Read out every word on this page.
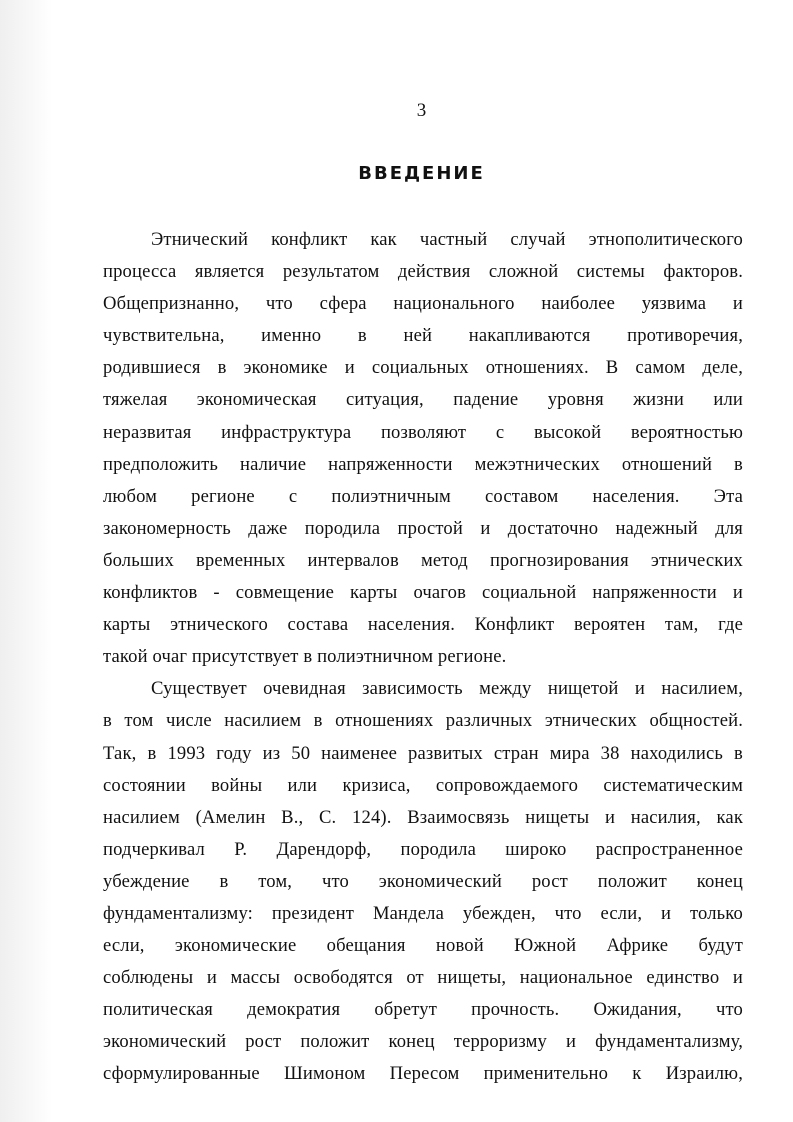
3
ВВЕДЕНИЕ

Этнический конфликт как частный случай этнополитического
процесса является результатом действия сложной системы факторов.
Общепризнанно, что сфера национального наиболее уязвима и
чувствительна, именно в ней накапливаются противоречия,
родившиеся в экономике и социальных отношениях. В самом деле,
тяжелая экономическая ситуация, падение уровня жизни или
неразвитая инфраструктура позволяют с высокой вероятностью
предположить наличие напряженности межэтнических отношений в
любом регионе с полиэтничным составом населения. Эта
закономерность даже породила простой и достаточно надежный для
больших временных интервалов метод прогнозирования этнических
конфликтов - совмещение карты очагов социальной напряженности и
карты этнического состава населения. Конфликт вероятен там, где
такой очаг присутствует в полиэтничном регионе.

Существует очевидная зависимость между нищетой и насилием,
в том числе насилием в отношениях различных этнических общностей.
Так, в 1993 году из 50 наименее развитых стран мира 38 находились в
состоянии войны или кризиса, сопровождаемого систематическим
насилием (Амелин В., С. 124). Взаимосвязь нищеты и насилия, как
подчеркивал Р. Дарендорф, породила широко распространенное
убеждение в том, что экономический рост положит конец
фундаментализму: президент Мандела убежден, что если, и только
если, экономические обещания новой Южной Африке будут
соблюдены и массы освободятся от нищеты, национальное единство и
политическая демократия обретут прочность. Ожидания, что
экономический рост положит конец терроризму и фундаментализму,
сформулированные Шимоном Пересом применительно к Израилю,
